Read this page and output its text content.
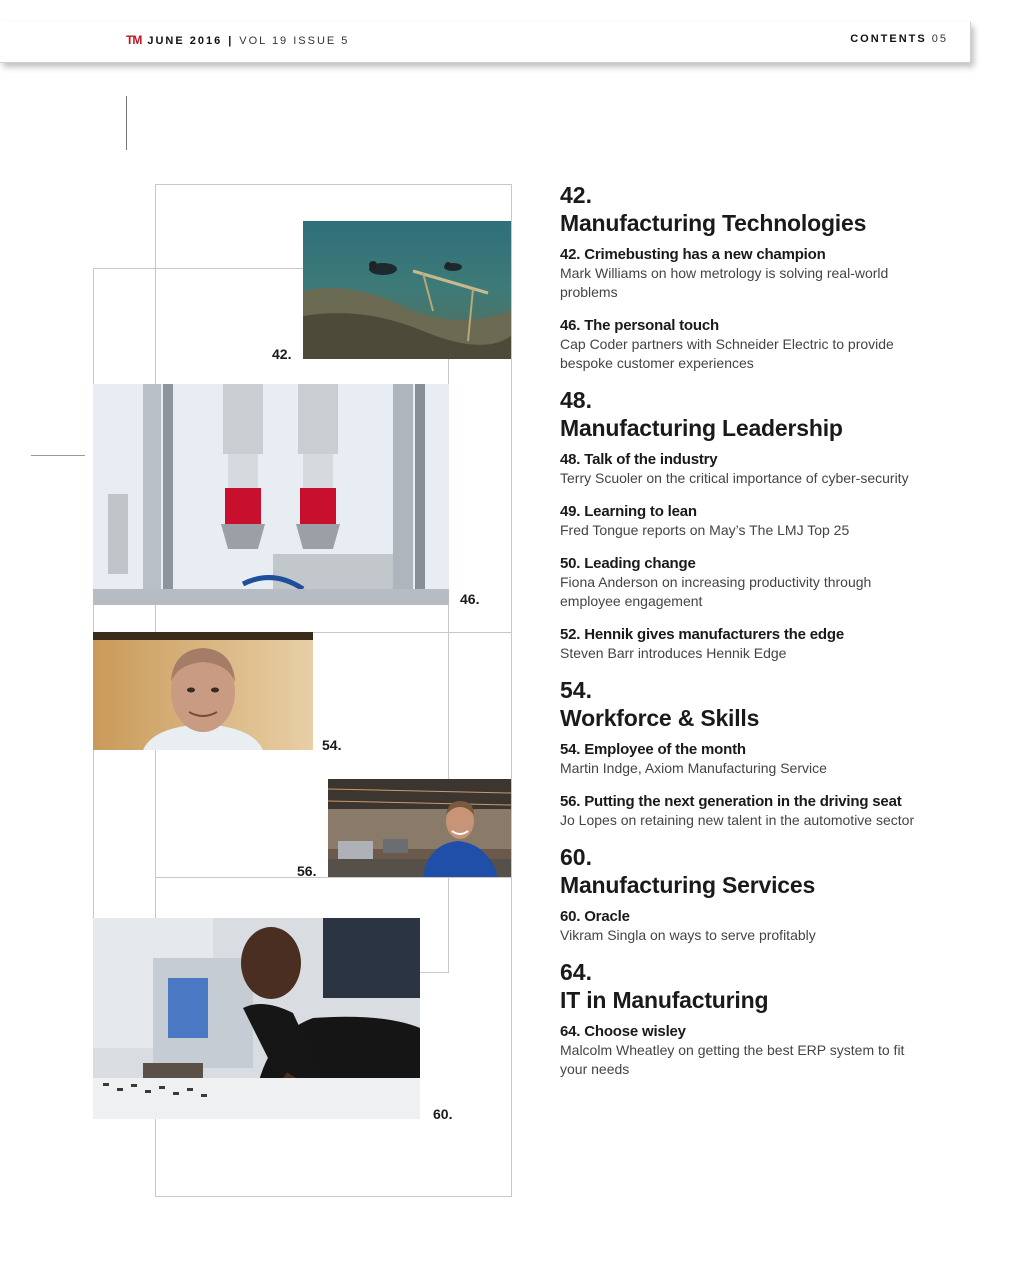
TM JUNE 2016 | VOL 19 ISSUE 5	CONTENTS 05
42.
46.
54.
56.
60.
42.
Manufacturing Technologies
42. Crimebusting has a new champion
Mark Williams on how metrology is solving real-world problems
46. The personal touch
Cap Coder partners with Schneider Electric to provide bespoke customer experiences
48.
Manufacturing Leadership
48. Talk of the industry
Terry Scuoler on the critical importance of cyber-security
49. Learning to lean
Fred Tongue reports on May’s The LMJ Top 25
50. Leading change
Fiona Anderson on increasing productivity through employee engagement
52. Hennik gives manufacturers the edge
Steven Barr introduces Hennik Edge
54.
Workforce & Skills
54. Employee of the month
Martin Indge, Axiom Manufacturing Service
56. Putting the next generation in the driving seat
Jo Lopes on retaining new talent in the automotive sector
60.
Manufacturing Services
60. Oracle
Vikram Singla on ways to serve profitably
64.
IT in Manufacturing
64. Choose wisley
Malcolm Wheatley on getting the best ERP system to fit your needs
